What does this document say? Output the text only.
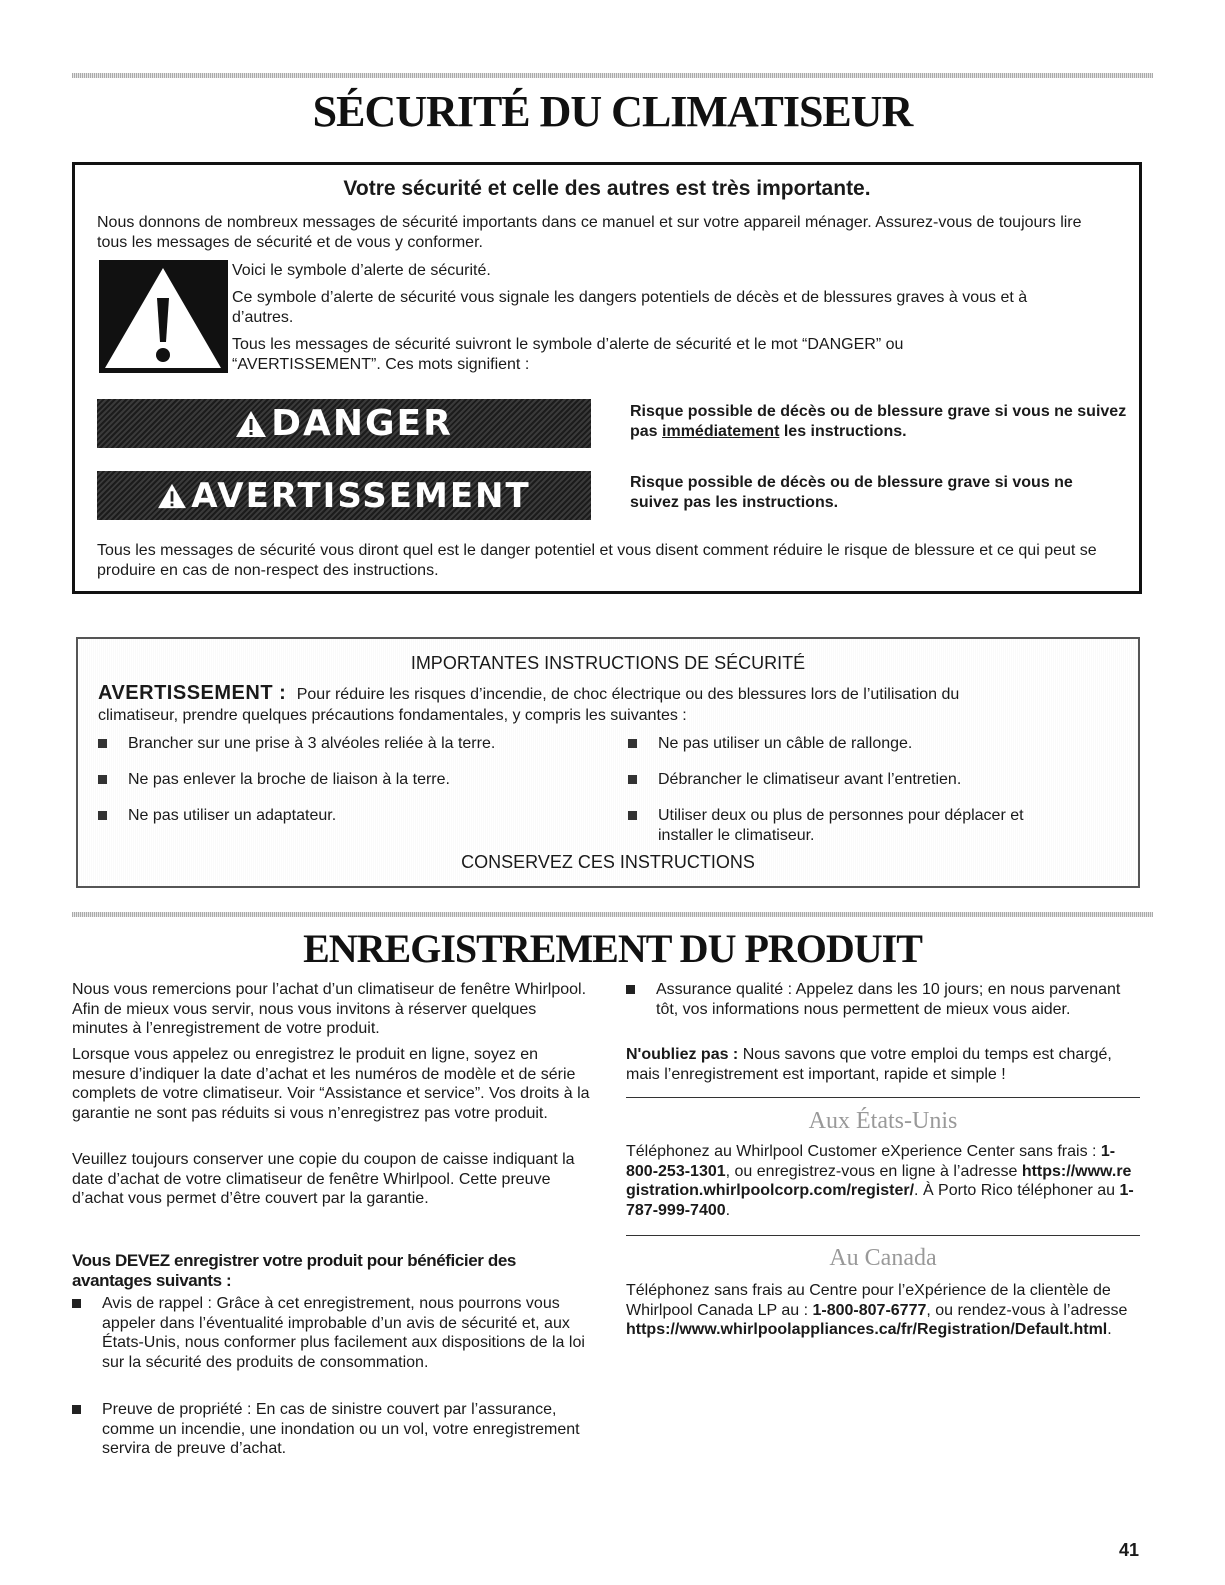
SÉCURITÉ DU CLIMATISEUR
Votre sécurité et celle des autres est très importante.

Nous donnons de nombreux messages de sécurité importants dans ce manuel et sur votre appareil ménager. Assurez-vous de toujours lire tous les messages de sécurité et de vous y conformer.

Voici le symbole d’alerte de sécurité.

Ce symbole d’alerte de sécurité vous signale les dangers potentiels de décès et de blessures graves à vous et à d’autres.

Tous les messages de sécurité suivront le symbole d’alerte de sécurité et le mot “DANGER” ou “AVERTISSEMENT”. Ces mots signifient :

DANGER	Risque possible de décès ou de blessure grave si vous ne suivez pas immédiatement les instructions.
AVERTISSEMENT	Risque possible de décès ou de blessure grave si vous ne suivez pas les instructions.

Tous les messages de sécurité vous diront quel est le danger potentiel et vous disent comment réduire le risque de blessure et ce qui peut se produire en cas de non-respect des instructions.

IMPORTANTES INSTRUCTIONS DE SÉCURITÉ
AVERTISSEMENT : Pour réduire les risques d’incendie, de choc électrique ou des blessures lors de l’utilisation du
climatiseur, prendre quelques précautions fondamentales, y compris les suivantes :
Brancher sur une prise à 3 alvéoles reliée à la terre.
Ne pas enlever la broche de liaison à la terre.
Ne pas utiliser un adaptateur.
Ne pas utiliser un câble de rallonge.
Débrancher le climatiseur avant l’entretien.
Utiliser deux ou plus de personnes pour déplacer et installer le climatiseur.
CONSERVEZ CES INSTRUCTIONS
ENREGISTREMENT DU PRODUIT

Nous vous remercions pour l’achat d’un climatiseur de fenêtre Whirlpool. Afin de mieux vous servir, nous vous invitons à réserver quelques minutes à l’enregistrement de votre produit.

Lorsque vous appelez ou enregistrez le produit en ligne, soyez en mesure d’indiquer la date d’achat et les numéros de modèle et de série complets de votre climatiseur. Voir “Assistance et service”. Vos droits à la garantie ne sont pas réduits si vous n’enregistrez pas votre produit.

Veuillez toujours conserver une copie du coupon de caisse indiquant la date d’achat de votre climatiseur de fenêtre Whirlpool. Cette preuve d’achat vous permet d’être couvert par la garantie.

Vous DEVEZ enregistrer votre produit pour bénéficier des avantages suivants :

Avis de rappel : Grâce à cet enregistrement, nous pourrons vous appeler dans l’éventualité improbable d’un avis de sécurité et, aux États-Unis, nous conformer plus facilement aux dispositions de la loi sur la sécurité des produits de consommation.
Preuve de propriété : En cas de sinistre couvert par l’assurance, comme un incendie, une inondation ou un vol, votre enregistrement servira de preuve d’achat.
Assurance qualité : Appelez dans les 10 jours; en nous parvenant tôt, vos informations nous permettent de mieux vous aider.

N'oubliez pas : Nous savons que votre emploi du temps est chargé, mais l’enregistrement est important, rapide et simple !

Aux États-Unis

Téléphonez au Whirlpool Customer eXperience Center sans frais : 1-800-253-1301, ou enregistrez-vous en ligne à l’adresse https://www.registration.whirlpoolcorp.com/register/. À Porto Rico téléphoner au 1-787-999-7400.

Au Canada

Téléphonez sans frais au Centre pour l’eXpérience de la clientèle de Whirlpool Canada LP au : 1-800-807-6777, ou rendez-vous à l’adresse https://www.whirlpoolappliances.ca/fr/Registration/Default.html.

41
